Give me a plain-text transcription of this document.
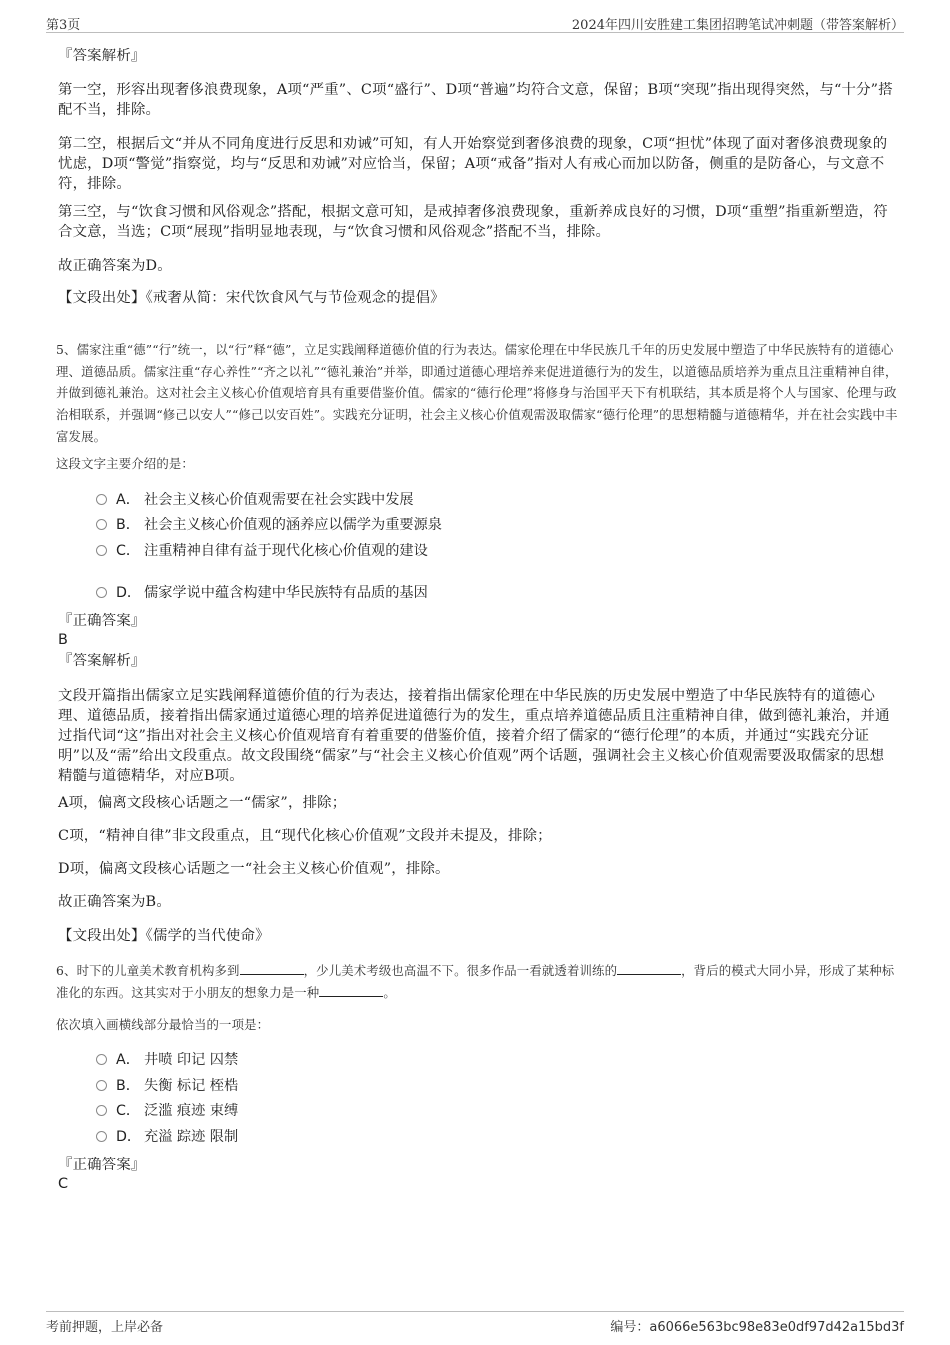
第3页	2024年四川安胜建工集团招聘笔试冲刺题（带答案解析）
『答案解析』
第一空，形容出现奢侈浪费现象，A项“严重”、C项“盛行”、D项“普遍”均符合文意，保留；B项“突现”指出现得突然，与“十分”搭配不当，排除。
第二空，根据后文“并从不同角度进行反思和劝诫”可知，有人开始察觉到奢侈浪费的现象，C项“担忧”体现了面对奢侈浪费现象的忧虑，D项“警觉”指察觉，均与“反思和劝诫”对应恰当，保留；A项“戒备”指对人有戒心而加以防备，侧重的是防备心，与文意不符，排除。
第三空，与“饮食习惯和风俗观念”搭配，根据文意可知，是戒掉奢侈浪费现象，重新养成良好的习惯，D项“重塑”指重新塑造，符合文意，当选；C项“展现”指明显地表现，与“饮食习惯和风俗观念”搭配不当，排除。
故正确答案为D。
【文段出处】《戒奢从简：宋代饮食风气与节俭观念的提倡》
5、儒家注重“德”“行”统一，以“行”释“德”，立足实践阐释道德价值的行为表达。儒家伦理在中华民族几千年的历史发展中塑造了中华民族特有的道德心理、道德品质。儒家注重“存心养性”“齐之以礼”“德礼兼治”并举，即通过道德心理培养来促进道德行为的发生，以道德品质培养为重点且注重精神自律，并做到德礼兼治。这对社会主义核心价值观培育具有重要借鉴价值。儒家的“德行伦理”将修身与治国平天下有机联结，其本质是将个人与国家、伦理与政治相联系，并强调“修己以安人”“修己以安百姓”。实践充分证明，社会主义核心价值观需汲取儒家“德行伦理”的思想精髓与道德精华，并在社会实践中丰富发展。
这段文字主要介绍的是：
A． 社会主义核心价值观需要在社会实践中发展
B． 社会主义核心价值观的涵养应以儒学为重要源泉
C． 注重精神自律有益于现代化核心价值观的建设
D． 儒家学说中蕴含构建中华民族特有品质的基因
『正确答案』
B
『答案解析』
文段开篇指出儒家立足实践阐释道德价值的行为表达，接着指出儒家伦理在中华民族的历史发展中塑造了中华民族特有的道德心理、道德品质，接着指出儒家通过道德心理的培养促进道德行为的发生，重点培养道德品质且注重精神自律，做到德礼兼治，并通过指代词“这”指出对社会主义核心价值观培育有着重要的借鉴价值，接着介绍了儒家的“德行伦理”的本质，并通过“实践充分证明”以及“需”给出文段重点。故文段围绕“儒家”与“社会主义核心价值观”两个话题，强调社会主义核心价值观需要汲取儒家的思想精髓与道德精华，对应B项。
A项，偏离文段核心话题之一“儒家”，排除；
C项，“精神自律”非文段重点，且“现代化核心价值观”文段并未提及，排除；
D项，偏离文段核心话题之一“社会主义核心价值观”，排除。
故正确答案为B。
【文段出处】《儒学的当代使命》
6、时下的儿童美术教育机构多到	，少儿美术考级也高温不下。很多作品一看就透着训练的	，背后的模式大同小异，形成了某种标准化的东西。这其实对于小朋友的想象力是一种	。
依次填入画横线部分最恰当的一项是：
A． 井喷 印记 囚禁
B． 失衡 标记 桎梏
C． 泛滥 痕迹 束缚
D． 充溢 踪迹 限制
『正确答案』
C
考前押题，上岸必备	编号：a6066e563bc98e83e0df97d42a15bd3f
